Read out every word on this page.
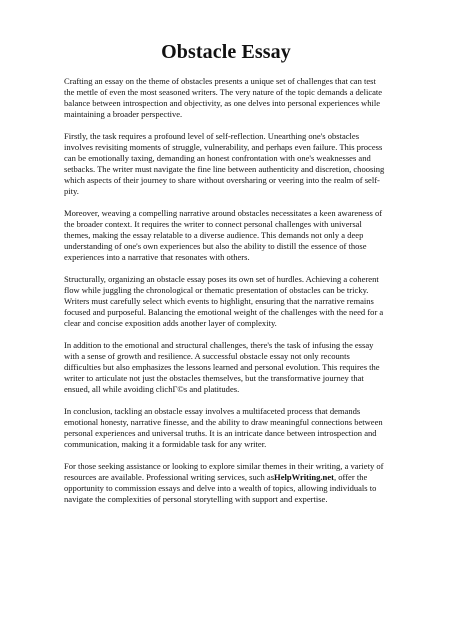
Obstacle Essay

Crafting an essay on the theme of obstacles presents a unique set of challenges that can test the mettle of even the most seasoned writers. The very nature of the topic demands a delicate balance between introspection and objectivity, as one delves into personal experiences while maintaining a broader perspective.

Firstly, the task requires a profound level of self-reflection. Unearthing one's obstacles involves revisiting moments of struggle, vulnerability, and perhaps even failure. This process can be emotionally taxing, demanding an honest confrontation with one's weaknesses and setbacks. The writer must navigate the fine line between authenticity and discretion, choosing which aspects of their journey to share without oversharing or veering into the realm of self-pity.

Moreover, weaving a compelling narrative around obstacles necessitates a keen awareness of the broader context. It requires the writer to connect personal challenges with universal themes, making the essay relatable to a diverse audience. This demands not only a deep understanding of one's own experiences but also the ability to distill the essence of those experiences into a narrative that resonates with others.

Structurally, organizing an obstacle essay poses its own set of hurdles. Achieving a coherent flow while juggling the chronological or thematic presentation of obstacles can be tricky. Writers must carefully select which events to highlight, ensuring that the narrative remains focused and purposeful. Balancing the emotional weight of the challenges with the need for a clear and concise exposition adds another layer of complexity.

In addition to the emotional and structural challenges, there's the task of infusing the essay with a sense of growth and resilience. A successful obstacle essay not only recounts difficulties but also emphasizes the lessons learned and personal evolution. This requires the writer to articulate not just the obstacles themselves, but the transformative journey that ensued, all while avoiding clichГ©s and platitudes.

In conclusion, tackling an obstacle essay involves a multifaceted process that demands emotional honesty, narrative finesse, and the ability to draw meaningful connections between personal experiences and universal truths. It is an intricate dance between introspection and communication, making it a formidable task for any writer.

For those seeking assistance or looking to explore similar themes in their writing, a variety of resources are available. Professional writing services, such asHelpWriting.net, offer the opportunity to commission essays and delve into a wealth of topics, allowing individuals to navigate the complexities of personal storytelling with support and expertise.
